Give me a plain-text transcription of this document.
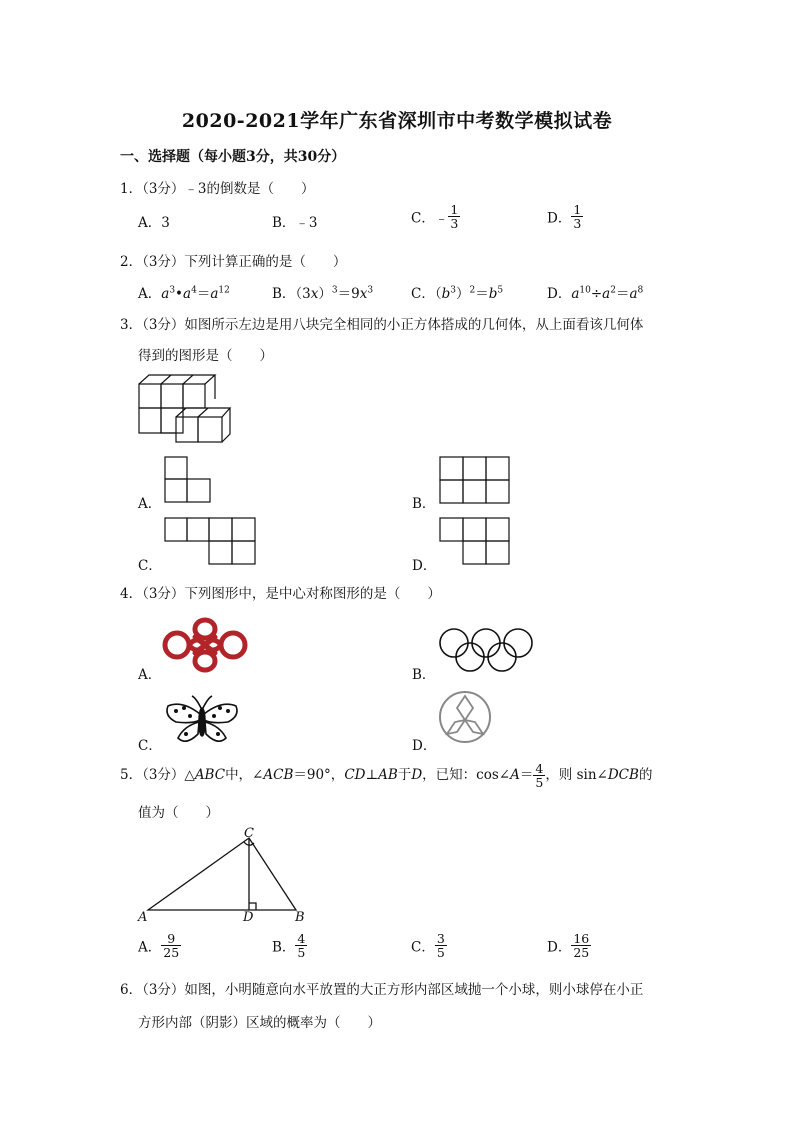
2020-2021学年广东省深圳市中考数学模拟试卷
一、选择题（每小题3分，共30分）
1．（3分）﹣3的倒数是（　　）
A．3	B．﹣3	C．﹣ $\frac{1}{3}$	D． $\frac{1}{3}$
2．（3分）下列计算正确的是（　　）
A．$a^3•a^4=a^{12}$	B．$(3x)^3=9x^3$	C．$(b^3)^2=b^5$	D．$a^{10}\div a^2=a^8$
3．（3分）如图所示左边是用八块完全相同的小正方体搭成的几何体，从上面看该几何体
得到的图形是（　　）
A．	B．
C．	D．
4．（3分）下列图形中，是中心对称图形的是（　　）
A．	B．
C．	D．
5．（3分）△ABC中，∠ACB＝90°，CD⊥AB于D，已知：cos∠A＝ $\frac{4}{5}$ ，则 sin∠DCB的
值为（　　）
C
A	D	B
A． $\frac{9}{25}$	B． $\frac{4}{5}$	C． $\frac{3}{5}$	D． $\frac{16}{25}$
6．（3分）如图，小明随意向水平放置的大正方形内部区域抛一个小球，则小球停在小正
方形内部（阴影）区域的概率为（　　）
